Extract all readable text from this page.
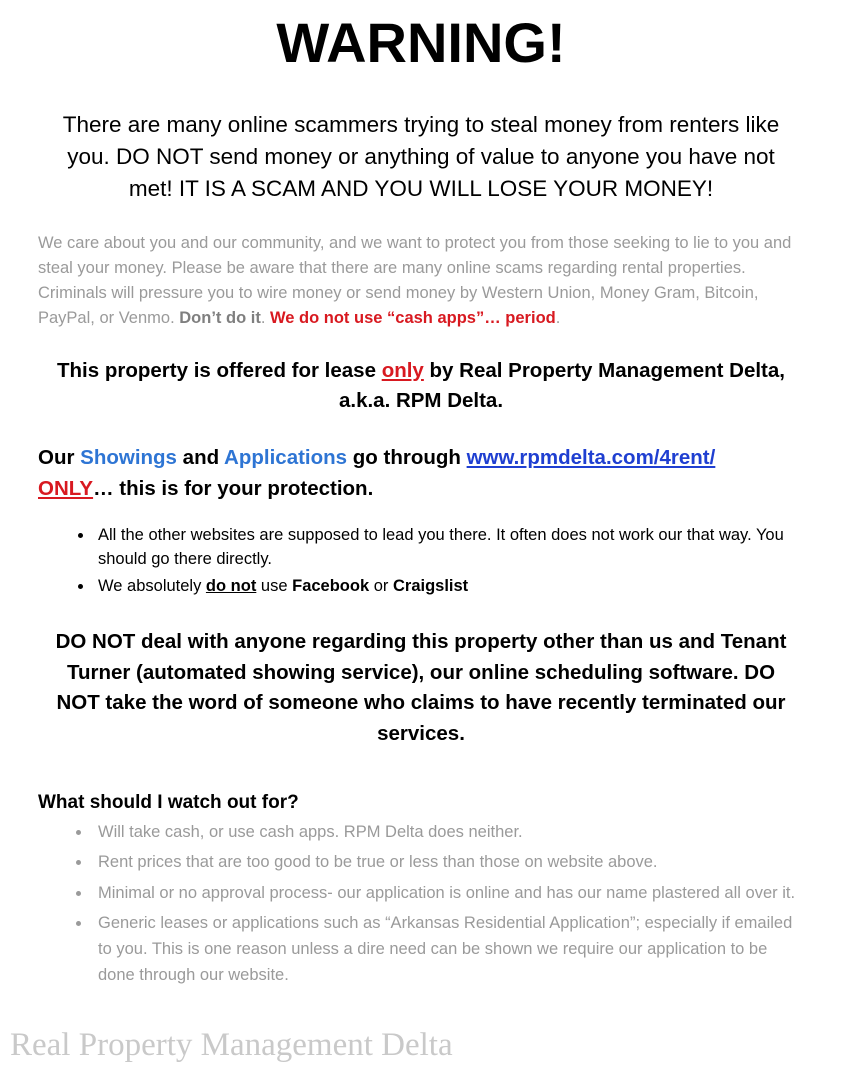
WARNING!

There are many online scammers trying to steal money from renters like you. DO NOT send money or anything of value to anyone you have not met! IT IS A SCAM AND YOU WILL LOSE YOUR MONEY!

We care about you and our community, and we want to protect you from those seeking to lie to you and steal your money. Please be aware that there are many online scams regarding rental properties. Criminals will pressure you to wire money or send money by Western Union, Money Gram, Bitcoin, PayPal, or Venmo. Don’t do it. We do not use “cash apps”… period.

This property is offered for lease only by Real Property Management Delta, a.k.a. RPM Delta.

Our Showings and Applications go through www.rpmdelta.com/4rent/
ONLY… this is for your protection.

• All the other websites are supposed to lead you there. It often does not work our that way. You should go there directly.
• We absolutely do not use Facebook or Craigslist

DO NOT deal with anyone regarding this property other than us and Tenant Turner (automated showing service), our online scheduling software. DO NOT take the word of someone who claims to have recently terminated our services.

What should I watch out for?
• Will take cash, or use cash apps. RPM Delta does neither.
• Rent prices that are too good to be true or less than those on website above.
• Minimal or no approval process- our application is online and has our name plastered all over it.
• Generic leases or applications such as “Arkansas Residential Application”; especially if emailed to you. This is one reason unless a dire need can be shown we require our application to be done through our website.
Real Property Management Delta
